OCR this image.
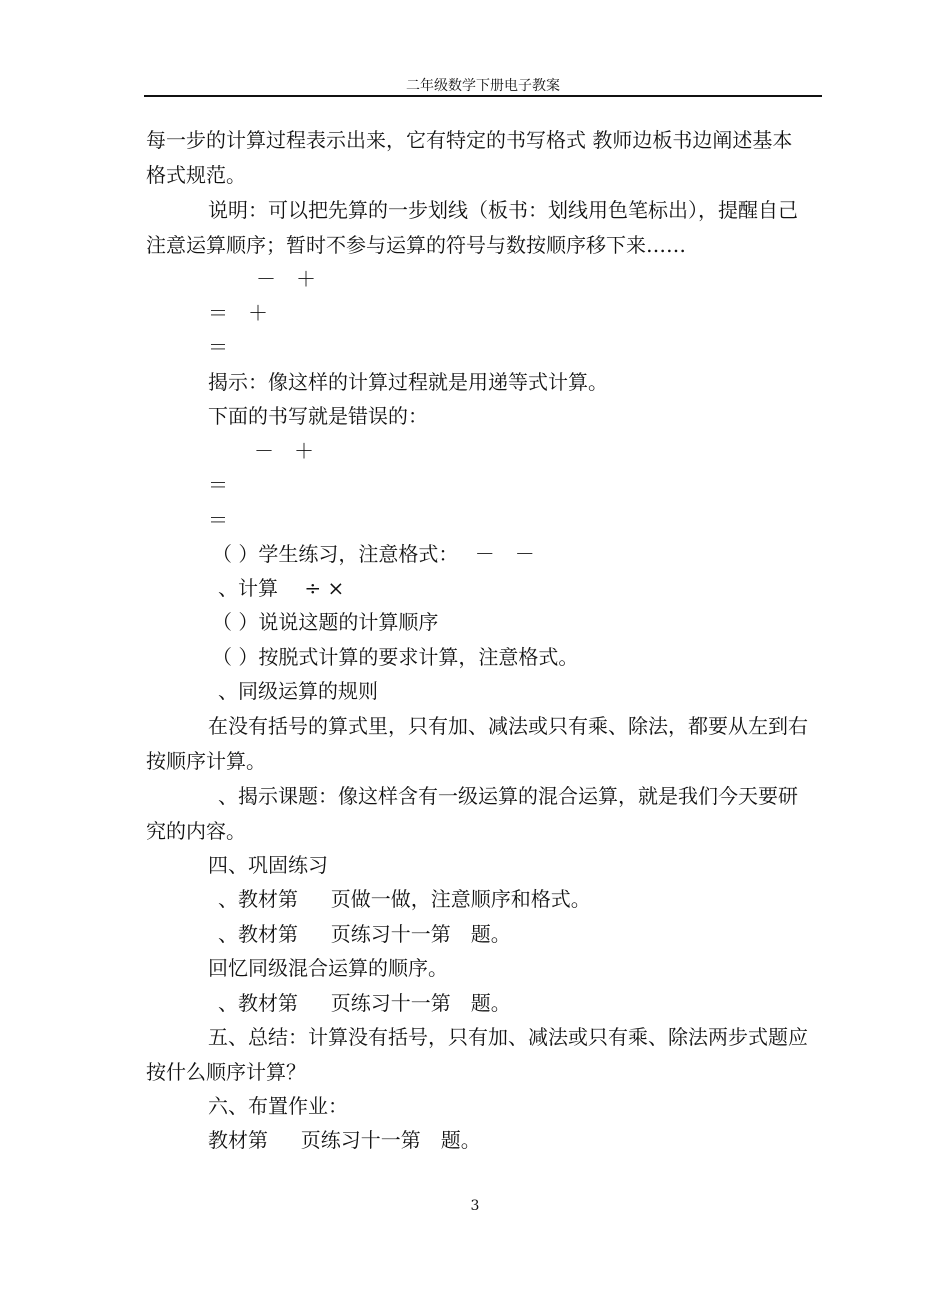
二年级数学下册电子教案
每一步的计算过程表示出来，它有特定的书写格式 教师边板书边阐述基本
格式规范。
说明：可以把先算的一步划线（板书：划线用色笔标出），提醒自己
注意运算顺序；暂时不参与运算的符号与数按顺序移下来……
－　＋
＝　＋
＝
揭示：像这样的计算过程就是用递等式计算。
下面的书写就是错误的：
－　＋
＝
＝
（ ）学生练习，注意格式：　 －　－
、计算　 ÷ ×
（ ）说说这题的计算顺序
（ ）按脱式计算的要求计算，注意格式。
、同级运算的规则
在没有括号的算式里，只有加、减法或只有乘、除法，都要从左到右
按顺序计算。
、揭示课题：像这样含有一级运算的混合运算，就是我们今天要研
究的内容。
四、巩固练习
、教材第　  页做一做，注意顺序和格式。
、教材第　  页练习十一第　题。
回忆同级混合运算的顺序。
、教材第　  页练习十一第　题。
五、总结：计算没有括号，只有加、减法或只有乘、除法两步式题应
按什么顺序计算？
六、布置作业：
教材第　  页练习十一第　题。
3
